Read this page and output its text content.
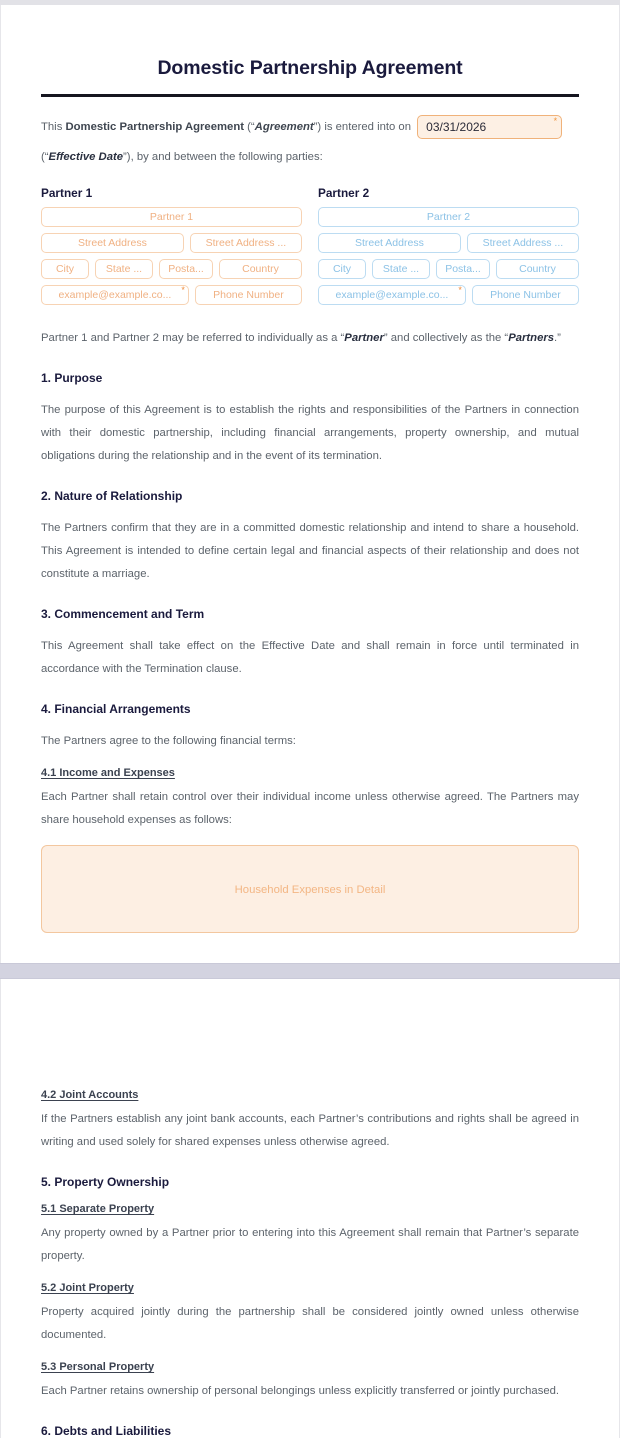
Domestic Partnership Agreement

This Domestic Partnership Agreement (“Agreement”) is entered into on 03/31/2026	*

(“Effective Date”), by and between the following parties:

Partner 1
Partner 1
Street Address	Street Address ...
City	State ...	Posta...	Country
example@example.co... *	Phone Number
Partner 2
Partner 2
Street Address	Street Address ...
City	State ...	Posta...	Country
example@example.co... *	Phone Number

Partner 1 and Partner 2 may be referred to individually as a “Partner” and collectively as the “Partners.”

1. Purpose

The purpose of this Agreement is to establish the rights and responsibilities of the Partners in connection with their domestic partnership, including financial arrangements, property ownership, and mutual obligations during the relationship and in the event of its termination.

2. Nature of Relationship

The Partners confirm that they are in a committed domestic relationship and intend to share a household. This Agreement is intended to define certain legal and financial aspects of their relationship and does not constitute a marriage.

3. Commencement and Term

This Agreement shall take effect on the Effective Date and shall remain in force until terminated in accordance with the Termination clause.

4. Financial Arrangements

The Partners agree to the following financial terms:

4.1 Income and Expenses

Each Partner shall retain control over their individual income unless otherwise agreed. The Partners may share household expenses as follows:

Household Expenses in Detail
4.2 Joint Accounts

If the Partners establish any joint bank accounts, each Partner’s contributions and rights shall be agreed in writing and used solely for shared expenses unless otherwise agreed.

5. Property Ownership
5.1 Separate Property

Any property owned by a Partner prior to entering into this Agreement shall remain that Partner’s separate property.

5.2 Joint Property

Property acquired jointly during the partnership shall be considered jointly owned unless otherwise documented.

5.3 Personal Property

Each Partner retains ownership of personal belongings unless explicitly transferred or jointly purchased.

6. Debts and Liabilities
